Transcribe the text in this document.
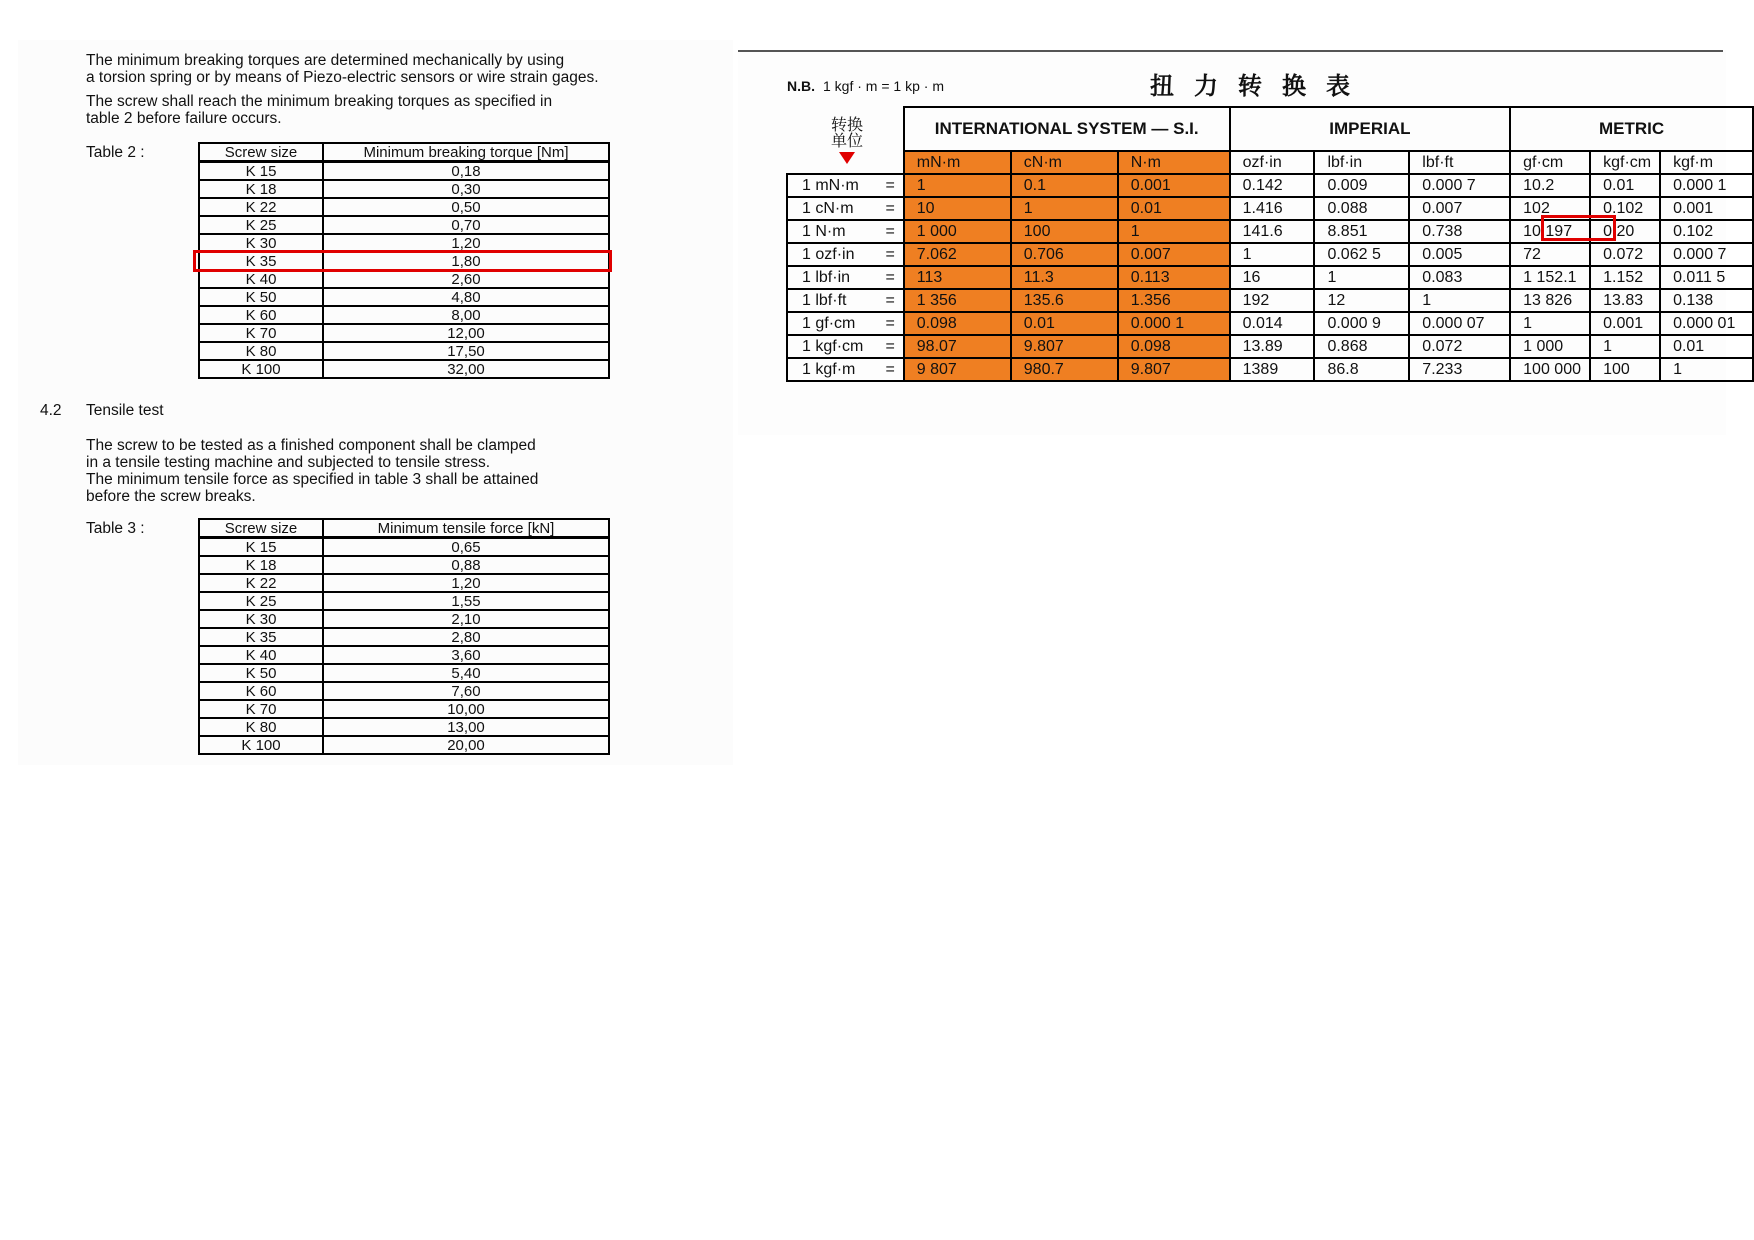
The minimum breaking torques are determined mechanically by using
a torsion spring or by means of Piezo-electric sensors or wire strain gages.

The screw shall reach the minimum breaking torques as specified in
table 2 before failure occurs.

Table 2 :	Screw size	Minimum breaking torque [Nm]
K 15	0,18
K 18	0,30
K 22	0,50
K 25	0,70
K 30	1,20
K 35	1,80
K 40	2,60
K 50	4,80
K 60	8,00
K 70	12,00
K 80	17,50
K 100	32,00
4.2 Tensile test

The screw to be tested as a finished component shall be clamped
in a tensile testing machine and subjected to tensile stress.
The minimum tensile force as specified in table 3 shall be attained
before the screw breaks.

Table 3 :	Screw size	Minimum tensile force [kN]
K 15	0,65
K 18	0,88
K 22	1,20
K 25	1,55
K 30	2,10
K 35	2,80
K 40	3,60
K 50	5,40
K 60	7,60
K 70	10,00
K 80	13,00
K 100	20,00
N.B. 1 kgf · m = 1 kp · m	扭力转换表
转换
单位
	INTERNATIONAL SYSTEM — S.I.			IMPERIAL			METRIC		
	mN·m	cN·m	N·m	ozf·in	lbf·in	lbf·ft	gf·cm	kgf·cm	kgf·m

=
1 mN·m	1	0.1	0.001	0.142	0.009	0.000 7	10.2	0.01	0.000 1

=
1 cN·m	10	1	0.01	1.416	0.088	0.007	102	0.102	0.001

=
1 N·m	1 000	100	1	141.6	8.851	0.738	10 197	0.20	0.102

=
1 ozf·in	7.062	0.706	0.007	1	0.062 5	0.005	72	0.072	0.000 7

=
1 lbf·in	113	11.3	0.113	16	1	0.083	1 152.1	1.152	0.011 5

=
1 lbf·ft	1 356	135.6	1.356	192	12	1	13 826	13.83	0.138

=
1 gf·cm	0.098	0.01	0.000 1	0.014	0.000 9	0.000 07	1	0.001	0.000 01

=
1 kgf·cm	98.07	9.807	0.098	13.89	0.868	0.072	1 000	1	0.01

=
1 kgf·m	9 807	980.7	9.807	1389	86.8	7.233	100 000	100	1
